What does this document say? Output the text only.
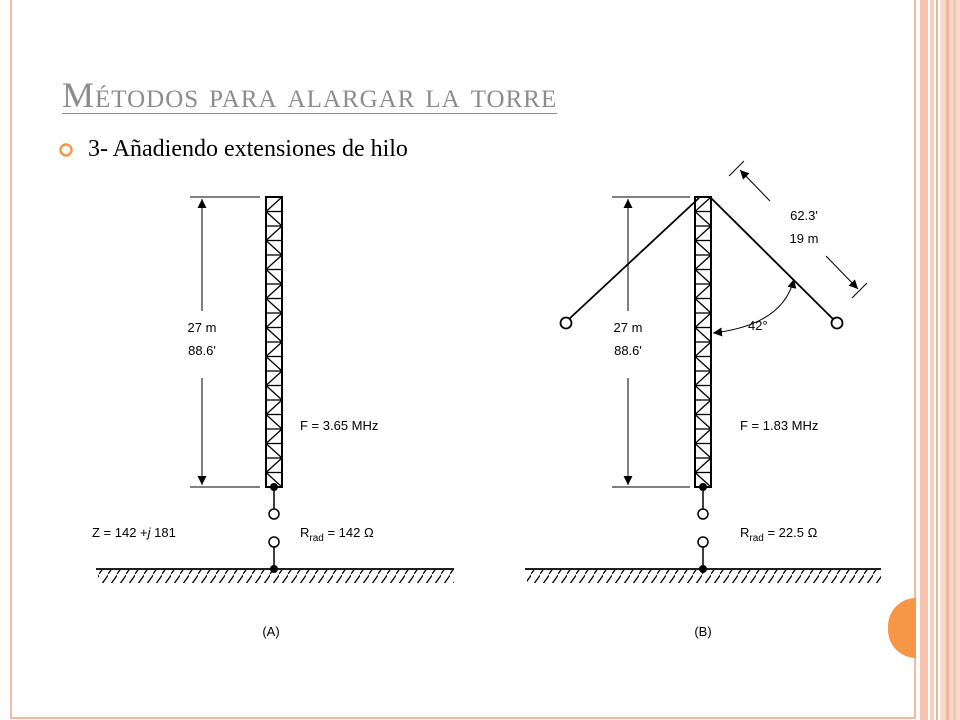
Métodos para alargar la torre
3- Añadiendo extensiones de hilo
27 m
88.6'
F = 3.65 MHz
Z = 142 +j 181	$R_{rad} = 142$ Ω
(A)
27 m
88.6'
62.3'
19 m
42°
F = 1.83 MHz
$R_{rad} = 22.5$ Ω
(B)
